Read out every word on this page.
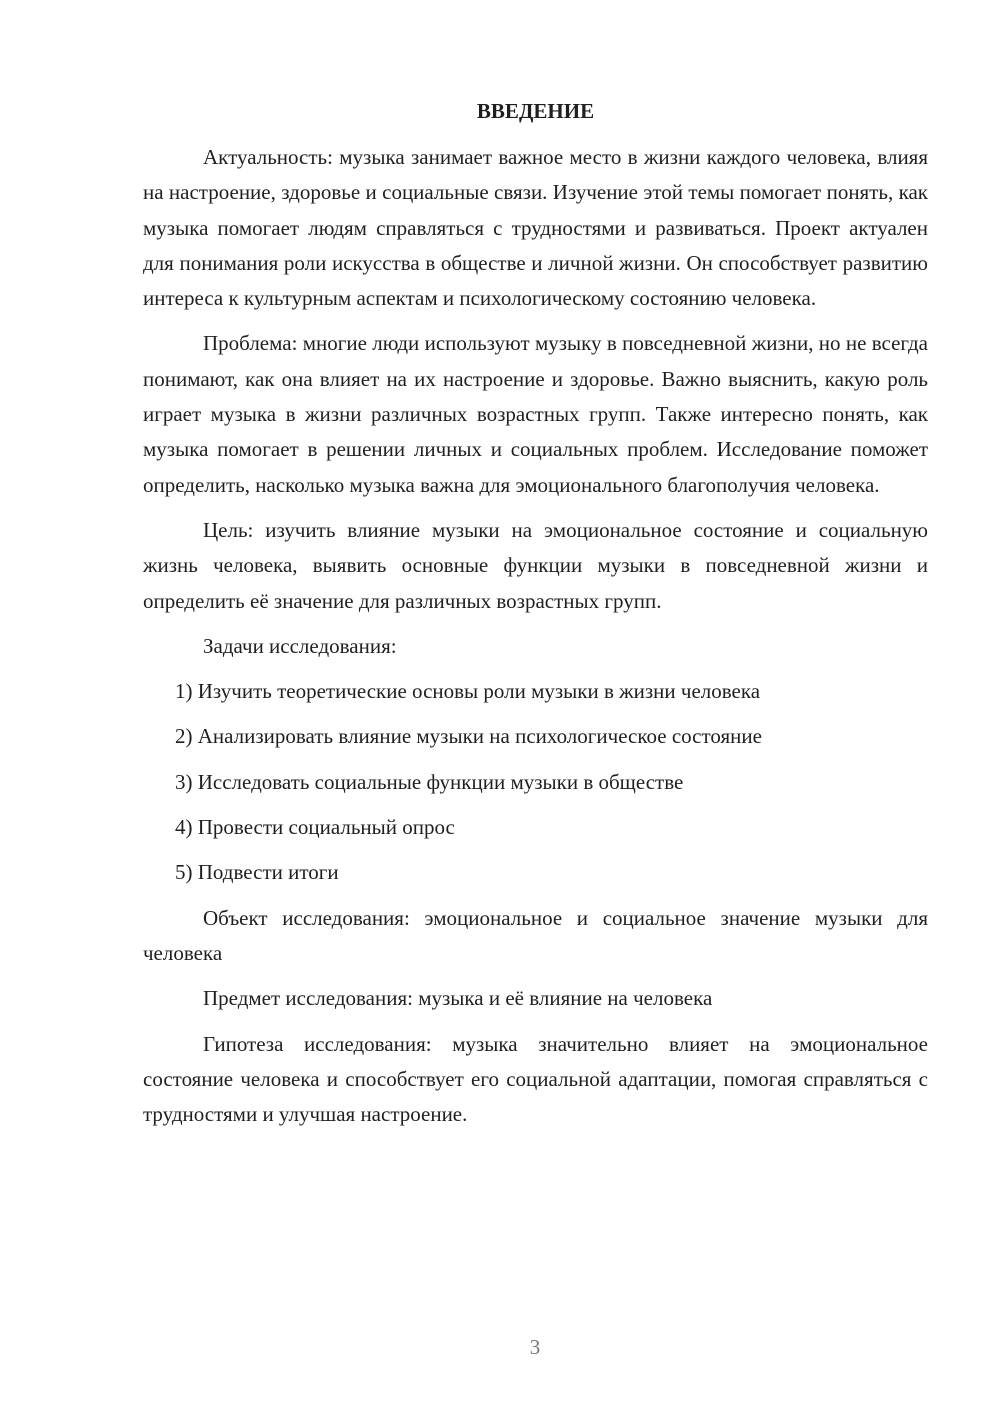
ВВЕДЕНИЕ

Актуальность: музыка занимает важное место в жизни каждого человека, влияя на настроение, здоровье и социальные связи. Изучение этой темы помогает понять, как музыка помогает людям справляться с трудностями и развиваться. Проект актуален для понимания роли искусства в обществе и личной жизни. Он способствует развитию интереса к культурным аспектам и психологическому состоянию человека.

Проблема: многие люди используют музыку в повседневной жизни, но не всегда понимают, как она влияет на их настроение и здоровье. Важно выяснить, какую роль играет музыка в жизни различных возрастных групп. Также интересно понять, как музыка помогает в решении личных и социальных проблем. Исследование поможет определить, насколько музыка важна для эмоционального благополучия человека.

Цель: изучить влияние музыки на эмоциональное состояние и социальную жизнь человека, выявить основные функции музыки в повседневной жизни и определить её значение для различных возрастных групп.

Задачи исследования:

1) Изучить теоретические основы роли музыки в жизни человека
2) Анализировать влияние музыки на психологическое состояние
3) Исследовать социальные функции музыки в обществе
4) Провести социальный опрос
5) Подвести итоги

Объект исследования: эмоциональное и социальное значение музыки для человека

Предмет исследования: музыка и её влияние на человека

Гипотеза исследования: музыка значительно влияет на эмоциональное состояние человека и способствует его социальной адаптации, помогая справляться с трудностями и улучшая настроение.

3
